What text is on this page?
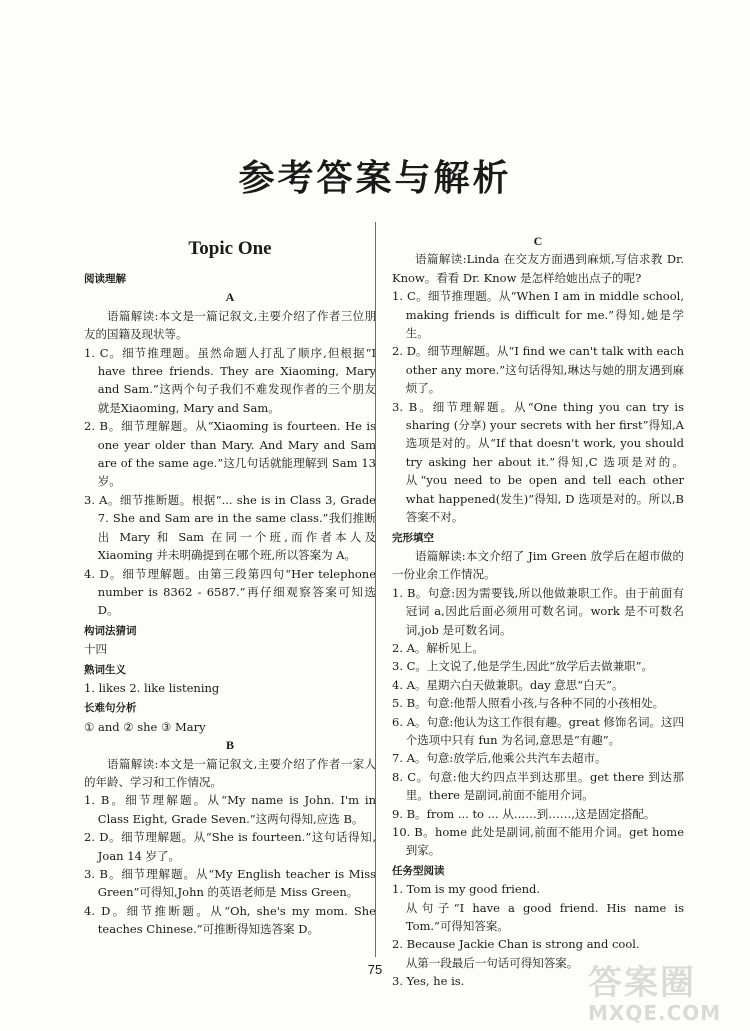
参考答案与解析
Topic One
阅读理解
A
语篇解读:本文是一篇记叙文,主要介绍了作者三位朋友的国籍及现状等。
1. C。细节推理题。虽然命题人打乱了顺序,但根据“I have three friends. They are Xiaoming, Mary and Sam.”这两个句子我们不难发现作者的三个朋友就是Xiaoming, Mary and Sam。
2. B。细节理解题。从“Xiaoming is fourteen. He is one year older than Mary. And Mary and Sam are of the same age.”这几句话就能理解到 Sam 13 岁。
3. A。细节推断题。根据“... she is in Class 3, Grade 7. She and Sam are in the same class.”我们推断出 Mary 和 Sam 在同一个班,而作者本人及 Xiaoming 并未明确提到在哪个班,所以答案为 A。
4. D。细节理解题。由第三段第四句“Her telephone number is 8362 - 6587.”再仔细观察答案可知选 D。
构词法猜词
十四
熟词生义
1. likes 2. like listening
长难句分析
① and ② she ③ Mary
B
语篇解读:本文是一篇记叙文,主要介绍了作者一家人的年龄、学习和工作情况。
1. B。细节理解题。从“My name is John. I'm in Class Eight, Grade Seven.”这两句得知,应选 B。
2. D。细节理解题。从“She is fourteen.”这句话得知, Joan 14 岁了。
3. B。细节理解题。从“My English teacher is Miss Green”可得知,John 的英语老师是 Miss Green。
4. D。细节推断题。从“Oh, she's my mom. She teaches Chinese.”可推断得知选答案 D。
C
语篇解读:Linda 在交友方面遇到麻烦,写信求教 Dr. Know。看看 Dr. Know 是怎样给她出点子的呢?
1. C。细节推理题。从“When I am in middle school, making friends is difficult for me.”得知,她是学生。
2. D。细节理解题。从“I find we can't talk with each other any more.”这句话得知,琳达与她的朋友遇到麻烦了。
3. B。细节理解题。从“One thing you can try is sharing (分享) your secrets with her first”得知,A 选项是对的。从“If that doesn't work, you should try asking her about it.”得知,C 选项是对的。从“you need to be open and tell each other what happened(发生)”得知, D 选项是对的。所以,B 答案不对。
完形填空
语篇解读:本文介绍了 Jim Green 放学后在超市做的一份业余工作情况。
1. B。句意:因为需要钱,所以他做兼职工作。由于前面有冠词 a,因此后面必须用可数名词。work 是不可数名词,job 是可数名词。
2. A。解析见上。
3. C。上文说了,他是学生,因此“放学后去做兼职”。
4. A。星期六白天做兼职。day 意思“白天”。
5. B。句意:他帮人照看小孩,与各种不同的小孩相处。
6. A。句意:他认为这工作很有趣。great 修饰名词。这四个选项中只有 fun 为名词,意思是“有趣”。
7. A。句意:放学后,他乘公共汽车去超市。
8. C。句意:他大约四点半到达那里。get there 到达那里。there 是副词,前面不能用介词。
9. B。from ... to ... 从……到……,这是固定搭配。
10. B。home 此处是副词,前面不能用介词。get home 到家。
任务型阅读
1. Tom is my good friend.
从句子“I have a good friend. His name is Tom.”可得知答案。
2. Because Jackie Chan is strong and cool.
从第一段最后一句话可得知答案。
3. Yes, he is.
75	答案圈
MXQE.COM
